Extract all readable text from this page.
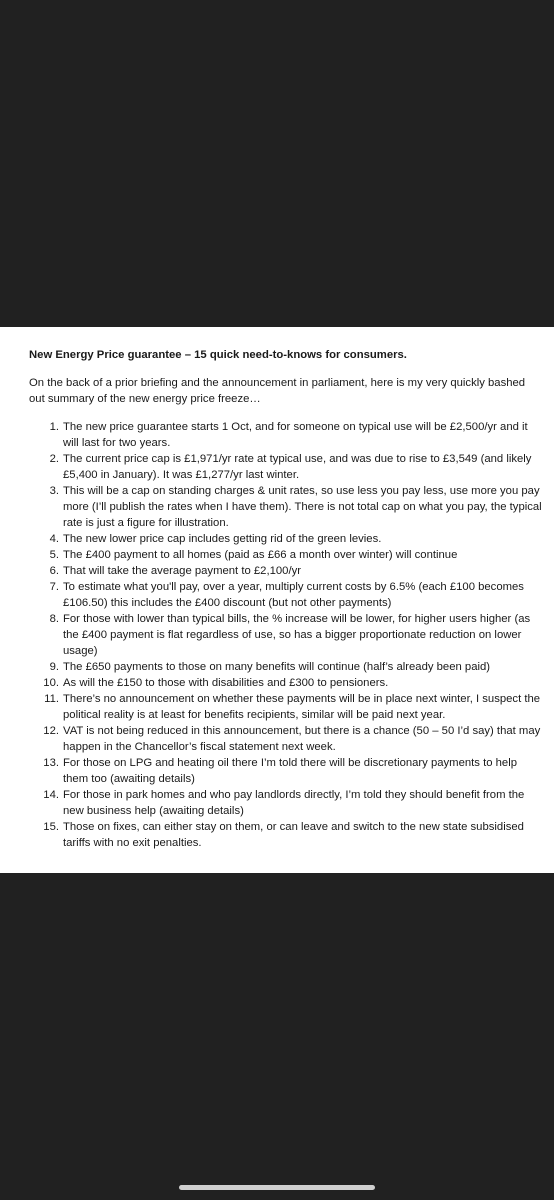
New Energy Price guarantee – 15 quick need-to-knows for consumers.
On the back of a prior briefing and the announcement in parliament, here is my very quickly bashed out summary of the new energy price freeze…
1. The new price guarantee starts 1 Oct, and for someone on typical use will be £2,500/yr and it will last for two years.
2. The current price cap is £1,971/yr rate at typical use, and was due to rise to £3,549 (and likely £5,400 in January). It was £1,277/yr last winter.
3. This will be a cap on standing charges & unit rates, so use less you pay less, use more you pay more (I’ll publish the rates when I have them). There is not total cap on what you pay, the typical rate is just a figure for illustration.
4. The new lower price cap includes getting rid of the green levies.
5. The £400 payment to all homes (paid as £66 a month over winter) will continue
6. That will take the average payment to £2,100/yr
7. To estimate what you'll pay, over a year, multiply current costs by 6.5% (each £100 becomes £106.50) this includes the £400 discount (but not other payments)
8. For those with lower than typical bills, the % increase will be lower, for higher users higher (as the £400 payment is flat regardless of use, so has a bigger proportionate reduction on lower usage)
9. The £650 payments to those on many benefits will continue (half’s already been paid)
10. As will the £150 to those with disabilities and £300 to pensioners.
11. There’s no announcement on whether these payments will be in place next winter, I suspect the political reality is at least for benefits recipients, similar will be paid next year.
12. VAT is not being reduced in this announcement, but there is a chance (50 – 50 I’d say) that may happen in the Chancellor’s fiscal statement next week.
13. For those on LPG and heating oil there I’m told there will be discretionary payments to help them too (awaiting details)
14. For those in park homes and who pay landlords directly, I’m told they should benefit from the new business help (awaiting details)
15. Those on fixes, can either stay on them, or can leave and switch to the new state subsidised tariffs with no exit penalties.
